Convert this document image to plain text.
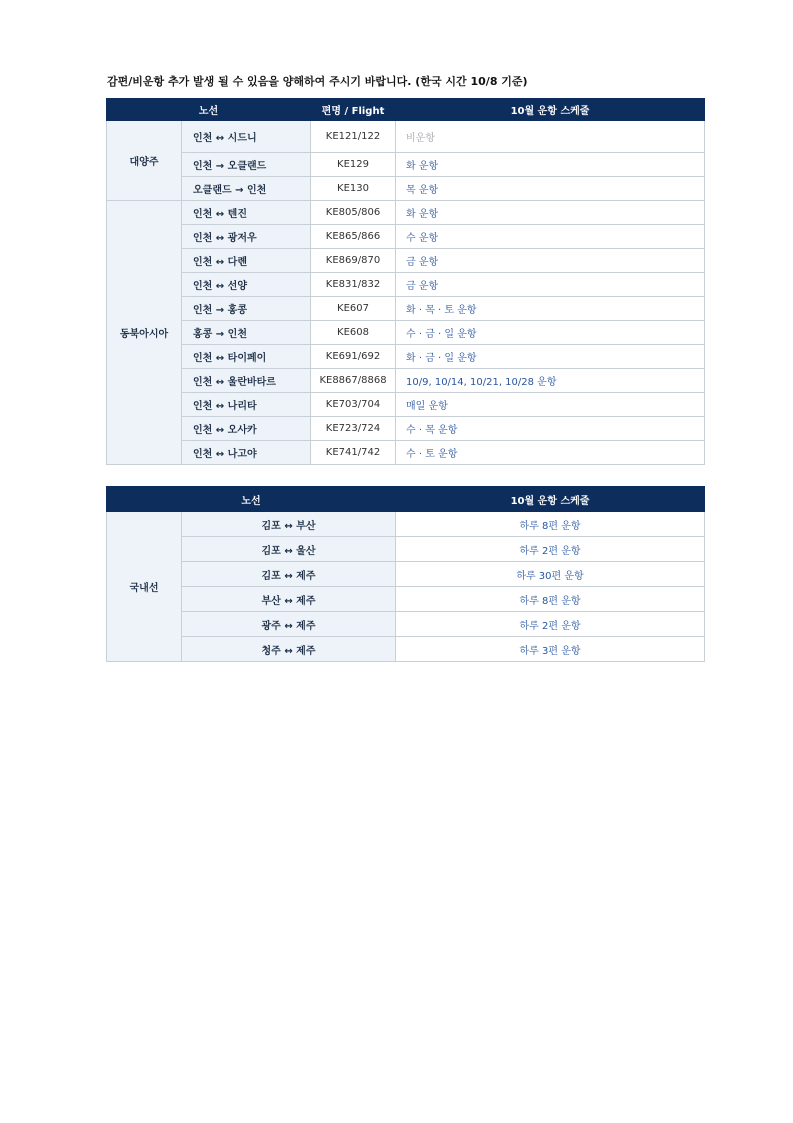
감편/비운항 추가 발생 될 수 있음을 양해하여 주시기 바랍니다. (한국 시간 10/8 기준)
노선		편명 / Flight	10월 운항 스케줄
대양주	인천 ↔ 시드니	KE121/122	비운항
	인천 → 오클랜드	KE129	화 운항
	오클랜드 → 인천	KE130	목 운항
동북아시아	인천 ↔ 텐진	KE805/806	화 운항
	인천 ↔ 광저우	KE865/866	수 운항
	인천 ↔ 다롄	KE869/870	금 운항
	인천 ↔ 선양	KE831/832	금 운항
	인천 → 홍콩	KE607	화 · 목 · 토 운항
	홍콩 → 인천	KE608	수 · 금 · 일 운항
	인천 ↔ 타이페이	KE691/692	화 · 금 · 일 운항
	인천 ↔ 울란바타르	KE8867/8868	10/9, 10/14, 10/21, 10/28 운항
	인천 ↔ 나리타	KE703/704	매일 운항
	인천 ↔ 오사카	KE723/724	수 · 목 운항
	인천 ↔ 나고야	KE741/742	수 · 토 운항
노선		10월 운항 스케줄
국내선	김포 ↔ 부산	하루 8편 운항
	김포 ↔ 울산	하루 2편 운항
	김포 ↔ 제주	하루 30편 운항
	부산 ↔ 제주	하루 8편 운항
	광주 ↔ 제주	하루 2편 운항
	청주 ↔ 제주	하루 3편 운항
